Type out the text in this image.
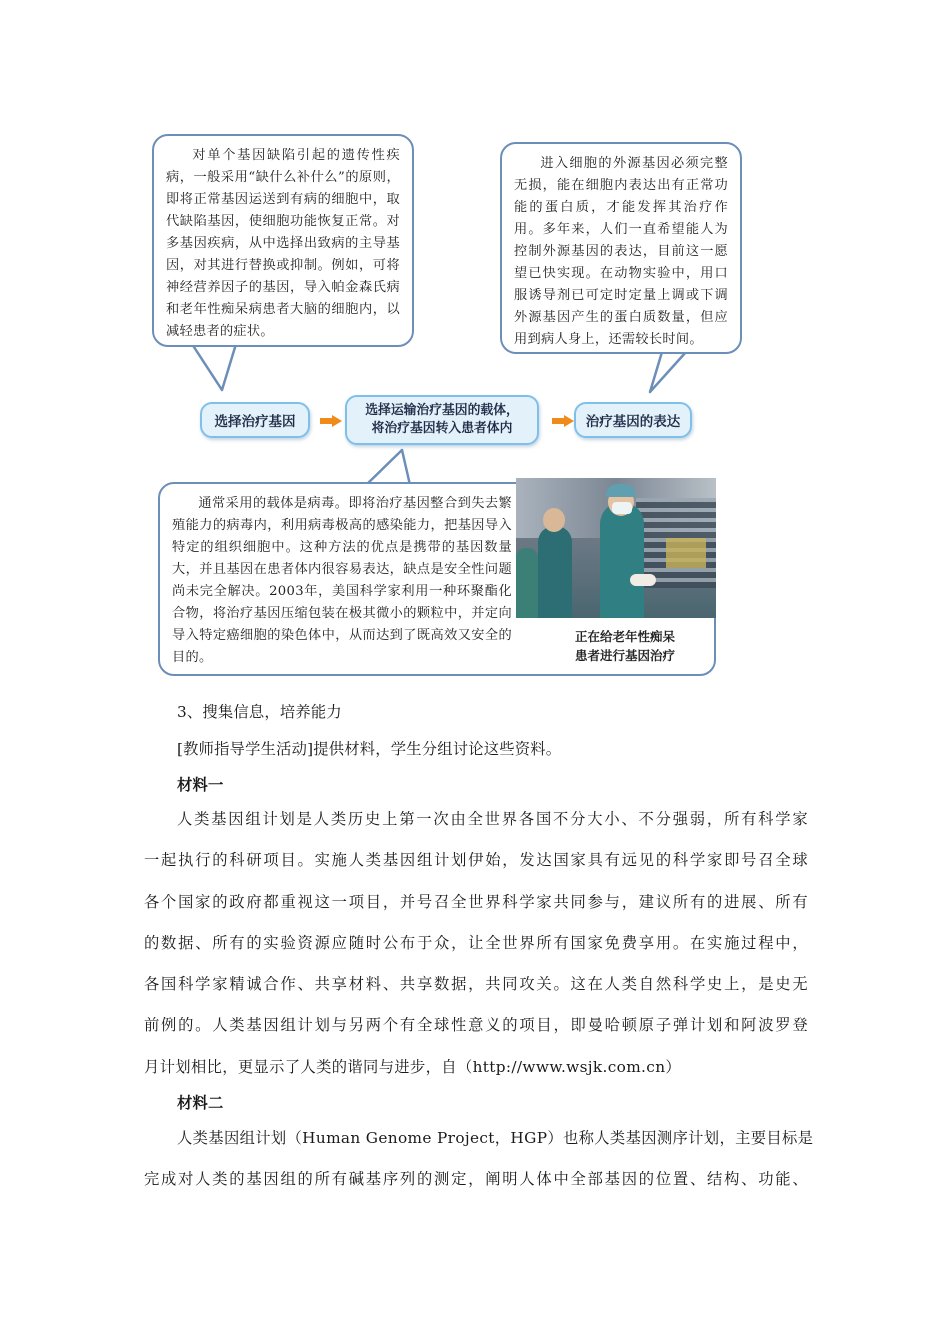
对单个基因缺陷引起的遗传性疾病，一般采用“缺什么补什么”的原则，即将正常基因运送到有病的细胞中，取代缺陷基因，使细胞功能恢复正常。对多基因疾病，从中选择出致病的主导基因，对其进行替换或抑制。例如，可将神经营养因子的基因，导入帕金森氏病和老年性痴呆病患者大脑的细胞内，以减轻患者的症状。

进入细胞的外源基因必须完整无损，能在细胞内表达出有正常功能的蛋白质，才能发挥其治疗作用。多年来，人们一直希望能人为控制外源基因的表达，目前这一愿望已快实现。在动物实验中，用口服诱导剂已可定时定量上调或下调外源基因产生的蛋白质数量，但应用到病人身上，还需较长时间。

通常采用的载体是病毒。即将治疗基因整合到失去繁殖能力的病毒内，利用病毒极高的感染能力，把基因导入特定的组织细胞中。这种方法的优点是携带的基因数量大，并且基因在患者体内很容易表达，缺点是安全性问题尚未完全解决。2003年，美国科学家利用一种环聚酯化合物，将治疗基因压缩包装在极其微小的颗粒中，并定向导入特定癌细胞的染色体中，从而达到了既高效又安全的目的。

选择治疗基因
选择运输治疗基因的载体，
将治疗基因转入患者体内	治疗基因的表达
正在给老年性痴呆
患者进行基因治疗
3、搜集信息，培养能力
[教师指导学生活动]提供材料，学生分组讨论这些资料。
材料一
人类基因组计划是人类历史上第一次由全世界各国不分大小、不分强弱，所有科学家
一起执行的科研项目。实施人类基因组计划伊始，发达国家具有远见的科学家即号召全球
各个国家的政府都重视这一项目，并号召全世界科学家共同参与，建议所有的进展、所有
的数据、所有的实验资源应随时公布于众，让全世界所有国家免费享用。在实施过程中，
各国科学家精诚合作、共享材料、共享数据，共同攻关。这在人类自然科学史上，是史无
前例的。人类基因组计划与另两个有全球性意义的项目，即曼哈顿原子弹计划和阿波罗登
月计划相比，更显示了人类的谐同与进步，自（http://www.wsjk.com.cn）
材料二
人类基因组计划（Human Genome Project，HGP）也称人类基因测序计划，主要目标是
完成对人类的基因组的所有碱基序列的测定，阐明人体中全部基因的位置、结构、功能、
